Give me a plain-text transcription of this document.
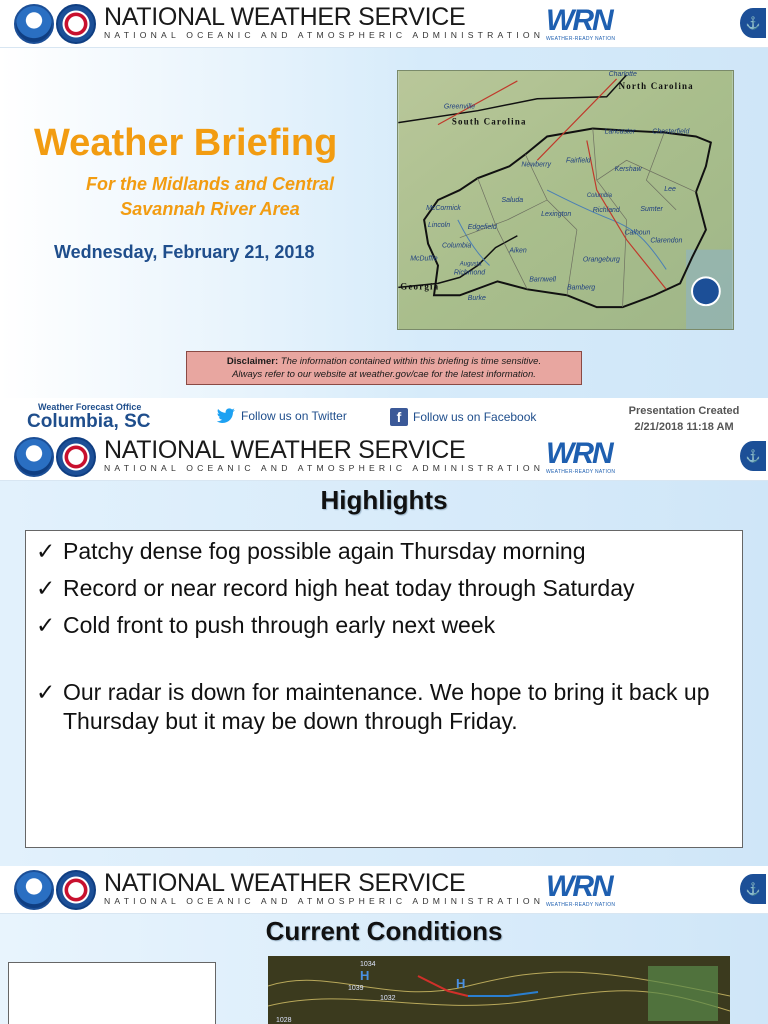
NATIONAL WEATHER SERVICE
NATIONAL OCEANIC AND ATMOSPHERIC ADMINISTRATION WRN
WEATHER-READY NATION
⚓
Weather Briefing
For the Midlands and Central
Savannah River Area
Wednesday, February 21, 2018
North Carolina
South Carolina
Georgia
Charlotte
Greenville
Lancaster Chesterfield
Newberry
Fairfield
Kershaw
Lee
Saluda
Columbia
Lexington
Richland	Sumter
McCormick
Edgefield
Calhoun
Clarendon
Lincoln
Columbia
Aiken
Orangeburg
McDuffie
Augusta
Richmond
Barnwell
Bamberg
Burke
Disclaimer: The information contained within this briefing is time sensitive.
Always refer to our website at weather.gov/cae for the latest information.
Weather Forecast Office
Columbia, SC	Follow us on Twitter	f Follow us on Facebook	Presentation Created
2/21/2018 11:18 AM
NATIONAL WEATHER SERVICE
NATIONAL OCEANIC AND ATMOSPHERIC ADMINISTRATION WRN
WEATHER-READY NATION
⚓
Highlights
✓ Patchy dense fog possible again Thursday morning
✓ Record or near record high heat today through Saturday
✓ Cold front to push through early next week
✓ Our radar is down for maintenance. We hope to bring it back up Thursday but it may be down through Friday.
NATIONAL WEATHER SERVICE
NATIONAL OCEANIC AND ATMOSPHERIC ADMINISTRATION WRN
WEATHER-READY NATION
⚓
Current Conditions
1034
H
H
1039
1032
1028
